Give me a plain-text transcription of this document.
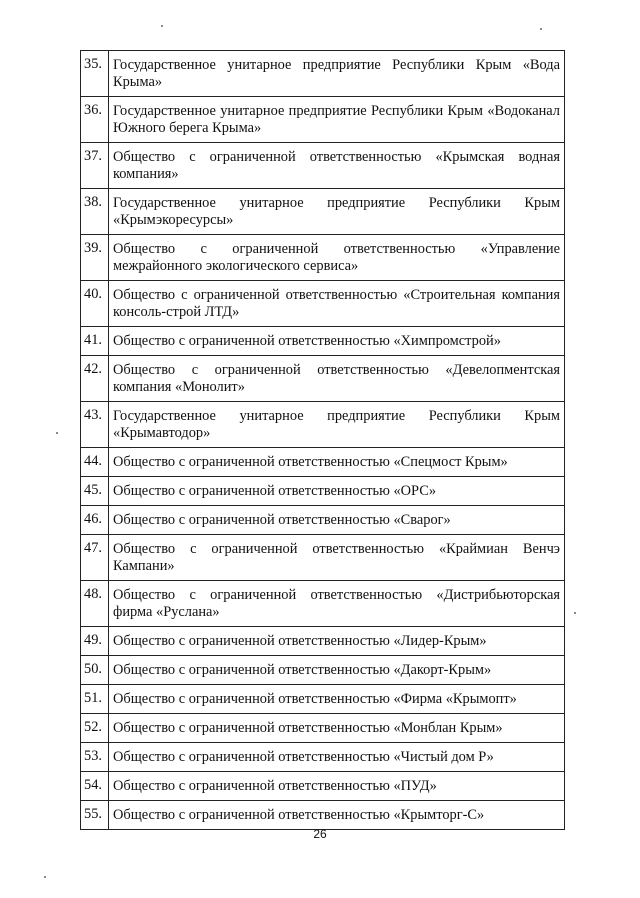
35.	Государственное унитарное предприятие Республики Крым «Вода Крыма»
36.	Государственное унитарное предприятие Республики Крым «Водоканал Южного берега Крыма»
37.	Общество с ограниченной ответственностью «Крымская водная компания»
38.	Государственное унитарное предприятие Республики Крым «Крымэкоресурсы»
39.	Общество с ограниченной ответственностью «Управление межрайонного экологического сервиса»
40.	Общество с ограниченной ответственностью «Строительная компания консоль-строй ЛТД»
41.	Общество с ограниченной ответственностью «Химпромстрой»
42.	Общество с ограниченной ответственностью «Девелопментская компания «Монолит»
43.	Государственное унитарное предприятие Республики Крым «Крымавтодор»
44.	Общество с ограниченной ответственностью «Спецмост Крым»
45.	Общество с ограниченной ответственностью «ОРС»
46.	Общество с ограниченной ответственностью «Сварог»
47.	Общество с ограниченной ответственностью «Краймиан Венчэ Кампани»
48.	Общество с ограниченной ответственностью «Дистрибьюторская фирма «Руслана»
49.	Общество с ограниченной ответственностью «Лидер-Крым»
50.	Общество с ограниченной ответственностью «Дакорт-Крым»
51.	Общество с ограниченной ответственностью «Фирма «Крымопт»
52.	Общество с ограниченной ответственностью «Монблан Крым»
53.	Общество с ограниченной ответственностью «Чистый дом Р»
54.	Общество с ограниченной ответственностью «ПУД»
55.	Общество с ограниченной ответственностью «Крымторг-С»
26
